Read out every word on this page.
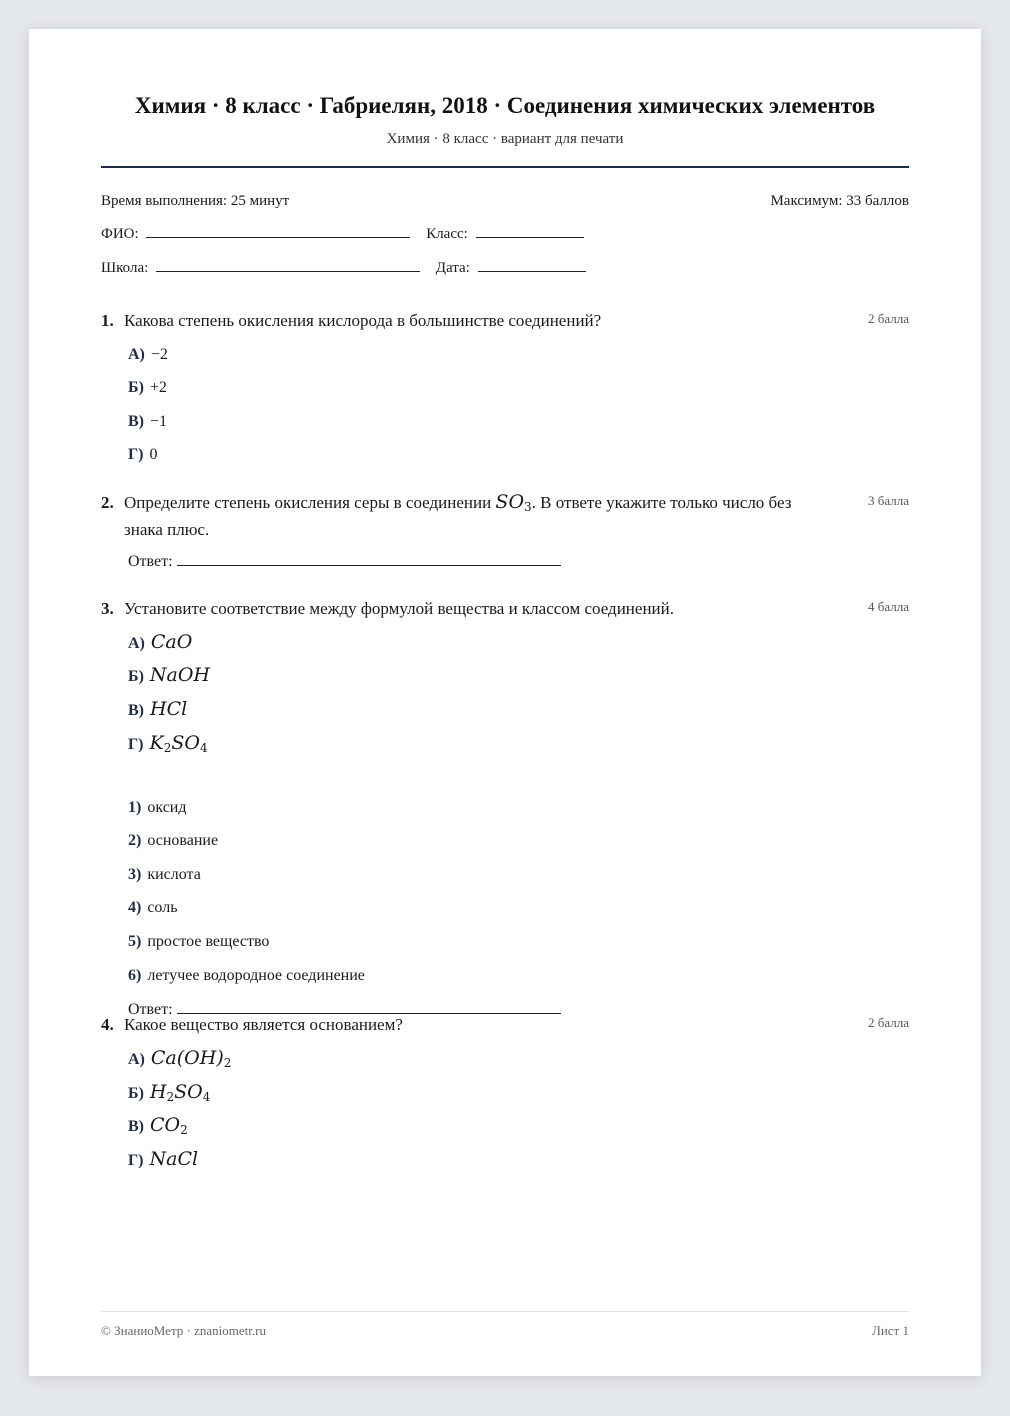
Химия · 8 класс · Габриелян, 2018 · Соединения химических элементов
Химия · 8 класс · вариант для печати
Время выполнения: 25 минут	Максимум: 33 баллов
ФИО:	Класс:
Школа:	Дата:
1. Какова степень окисления кислорода в большинстве соединений?	2 балла
А) −2
Б) +2
В) −1
Г) 0
2. Определите степень окисления серы в соединении $SO_3$. В ответе укажите только число без знака плюс.
3 балла
Ответ:
3. Установите соответствие между формулой вещества и классом соединений.	4 балла
А) CaO
Б) NaOH
В) HCl
Г) $K_2SO_4$
1) оксид
2) основание
3) кислота
4) соль
5) простое вещество
6) летучее водородное соединение
Ответ:
4. Какое вещество является основанием?	2 балла
А) $Ca(OH)_2$
Б) $H_2SO_4$
В) $CO_2$
Г) NaCl
© ЗнаниоМетр · znaniometr.ru	Лист 1
